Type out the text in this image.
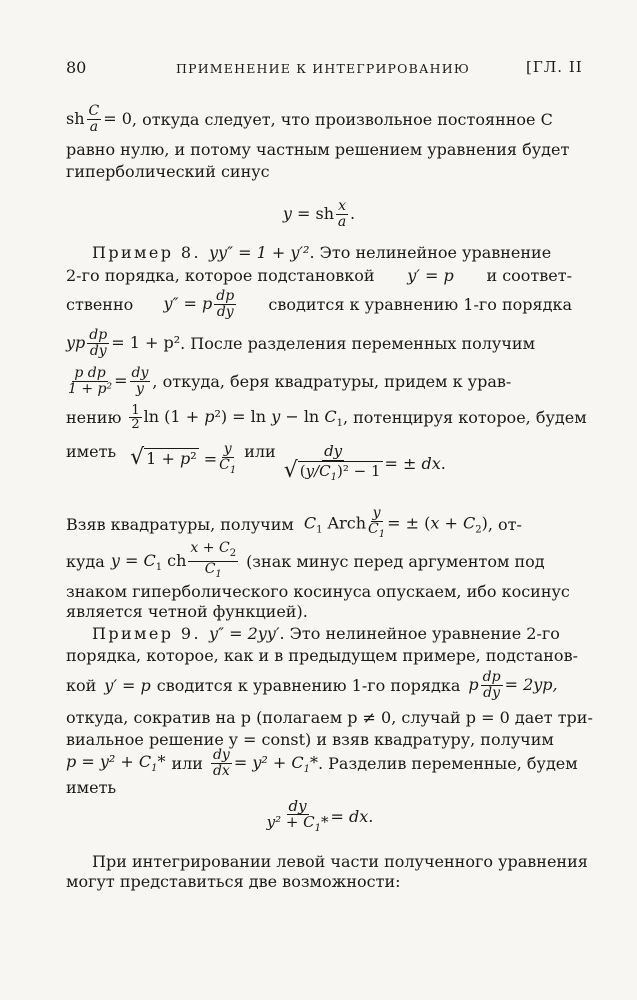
80	ПРИМЕНЕНИЕ К ИНТЕГРИРОВАНИЮ	[ГЛ. II
sh $\frac{C}{a} = 0$ , откуда следует, что произвольное постоянное C
равно нулю, и потому частным решением уравнения будет
гиперболический синус
y = sh $\frac{x}{a}$ .
Пример 8. yy″ = 1 + y′² . Это нелинейное уравнение
2-го порядка, которое подстановкой y′ = p и соответ-
ственно y″ = p $\frac{dp}{dy}$ сводится к уравнению 1-го порядка
yp $\frac{dp}{dy} = 1 + p^2$ . После разделения переменных получим
$\frac{\text{p dp}}{\text{1 + p²}} = \frac{dy}{y}$ , откуда, беря квадратуры, придем к урав-
нению $\frac{1}{2}$ $\ln (1 + p^2) = \ln y - \ln C_1$ , потенцируя которое, будем
иметь √ $1 + p^2 = \frac{y}{C_1}$ или $\frac{dy}{√ (y/C_1)^2 - 1}$ = ± dx.
Взяв квадратуры, получим $C_1$ Arch $\frac{y}{C_1}$ = ± $(x + C_2)$ , от-
куда $y = C_1$ ch $\frac{x + C_2}{C_1}$ (знак минус перед аргументом под
знаком гиперболического косинуса опускаем, ибо косинус
является четной функцией).
Пример 9. y″ = 2yy′ . Это нелинейное уравнение 2-го
порядка, которое, как и в предыдущем примере, подстанов-
кой y′ = p сводится к уравнению 1-го порядка p $\frac{dp}{dy} = 2yp$,
откуда, сократив на p (полагаем p ≠ 0, случай p = 0 дает три-
виальное решение y = const) и взяв квадратуру, получим
$p = y^2 + C_1*$ или $\frac{dy}{dx} = y^2 + C_1*$ . Разделив переменные, будем
иметь
$\frac{dy}{y^2 + C_1*}$ = dx.
При интегрировании левой части полученного уравнения
могут представиться две возможности:
